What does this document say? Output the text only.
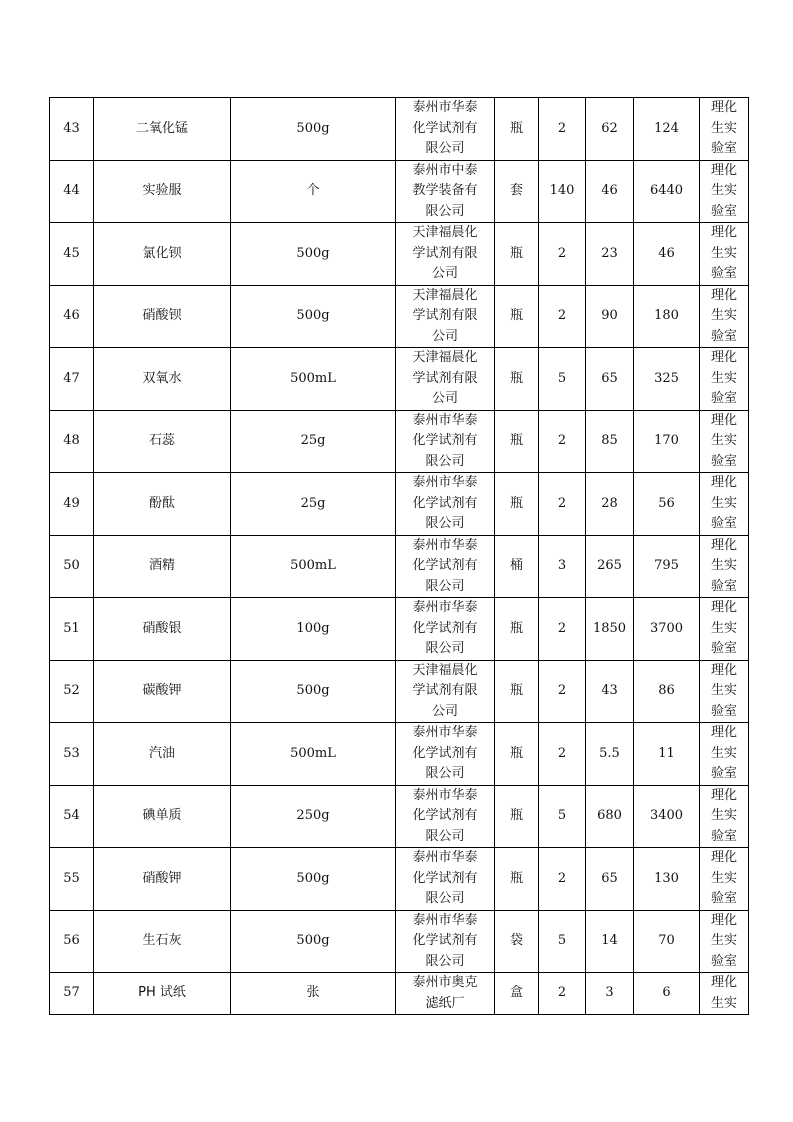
43	二氧化锰	500g	泰州市华泰
化学试剂有
限公司	瓶	2	62	124	理化
生实
验室

44	实验服	个	泰州市中泰
教学装备有
限公司	套	140	46	6440	理化
生实
验室

45	氯化钡	500g	天津福晨化
学试剂有限
公司	瓶	2	23	46	理化
生实
验室

46	硝酸钡	500g	天津福晨化
学试剂有限
公司	瓶	2	90	180	理化
生实
验室

47	双氧水	500mL	天津福晨化
学试剂有限
公司	瓶	5	65	325	理化
生实
验室

48	石蕊	25g	泰州市华泰
化学试剂有
限公司	瓶	2	85	170	理化
生实
验室

49	酚酞	25g	泰州市华泰
化学试剂有
限公司	瓶	2	28	56	理化
生实
验室

50	酒精	500mL	泰州市华泰
化学试剂有
限公司	桶	3	265	795	理化
生实
验室

51	硝酸银	100g	泰州市华泰
化学试剂有
限公司	瓶	2	1850	3700	理化
生实
验室

52	碳酸钾	500g	天津福晨化
学试剂有限
公司	瓶	2	43	86	理化
生实
验室

53	汽油	500mL	泰州市华泰
化学试剂有
限公司	瓶	2	5.5	11	理化
生实
验室

54	碘单质	250g	泰州市华泰
化学试剂有
限公司	瓶	5	680	3400	理化
生实
验室

55	硝酸钾	500g	泰州市华泰
化学试剂有
限公司	瓶	2	65	130	理化
生实
验室

56	生石灰	500g	泰州市华泰
化学试剂有
限公司	袋	5	14	70	理化
生实
验室

57	PH 试纸	张	泰州市奥克
滤纸厂	盒	2	3	6	理化
生实
